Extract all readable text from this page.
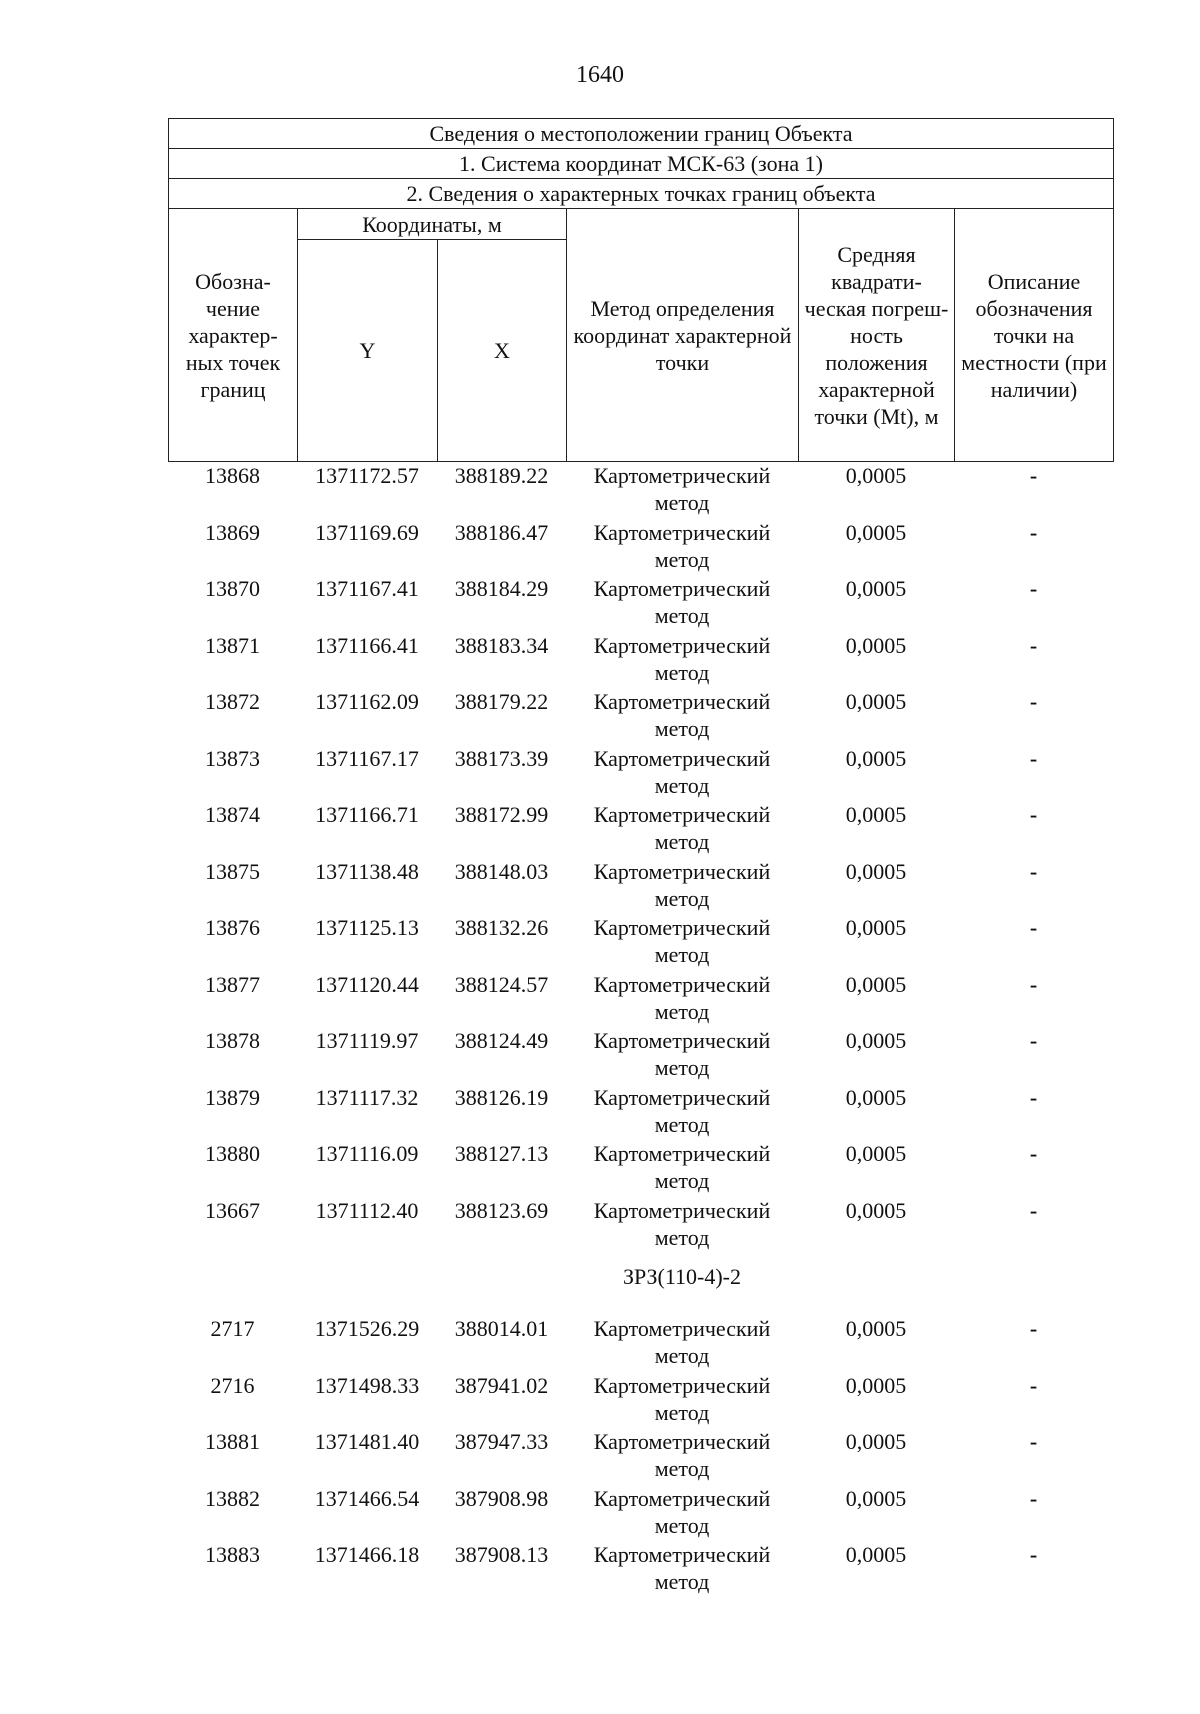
1640
Сведения о местоположении границ Объекта					
1. Система координат МСК-63 (зона 1)					
2. Сведения о характерных точках границ объекта					
Обозна-чение характер-ных точек границ	Координаты, м		Метод определения координат характерной точки	Средняя квадрати-ческая погреш-ность положения характерной точки (Mt), м	Описание обозначения точки на местности (при наличии)
	Y	X			
13868	1371172.57	388189.22	Картометрический метод	0,0005	-
13869	1371169.69	388186.47	Картометрический метод	0,0005	-
13870	1371167.41	388184.29	Картометрический метод	0,0005	-
13871	1371166.41	388183.34	Картометрический метод	0,0005	-
13872	1371162.09	388179.22	Картометрический метод	0,0005	-
13873	1371167.17	388173.39	Картометрический метод	0,0005	-
13874	1371166.71	388172.99	Картометрический метод	0,0005	-
13875	1371138.48	388148.03	Картометрический метод	0,0005	-
13876	1371125.13	388132.26	Картометрический метод	0,0005	-
13877	1371120.44	388124.57	Картометрический метод	0,0005	-
13878	1371119.97	388124.49	Картометрический метод	0,0005	-
13879	1371117.32	388126.19	Картометрический метод	0,0005	-
13880	1371116.09	388127.13	Картометрический метод	0,0005	-
13667	1371112.40	388123.69	Картометрический метод	0,0005	-
			ЗРЗ(110-4)-2		
2717	1371526.29	388014.01	Картометрический метод	0,0005	-
2716	1371498.33	387941.02	Картометрический метод	0,0005	-
13881	1371481.40	387947.33	Картометрический метод	0,0005	-
13882	1371466.54	387908.98	Картометрический метод	0,0005	-
13883	1371466.18	387908.13	Картометрический метод	0,0005	-
